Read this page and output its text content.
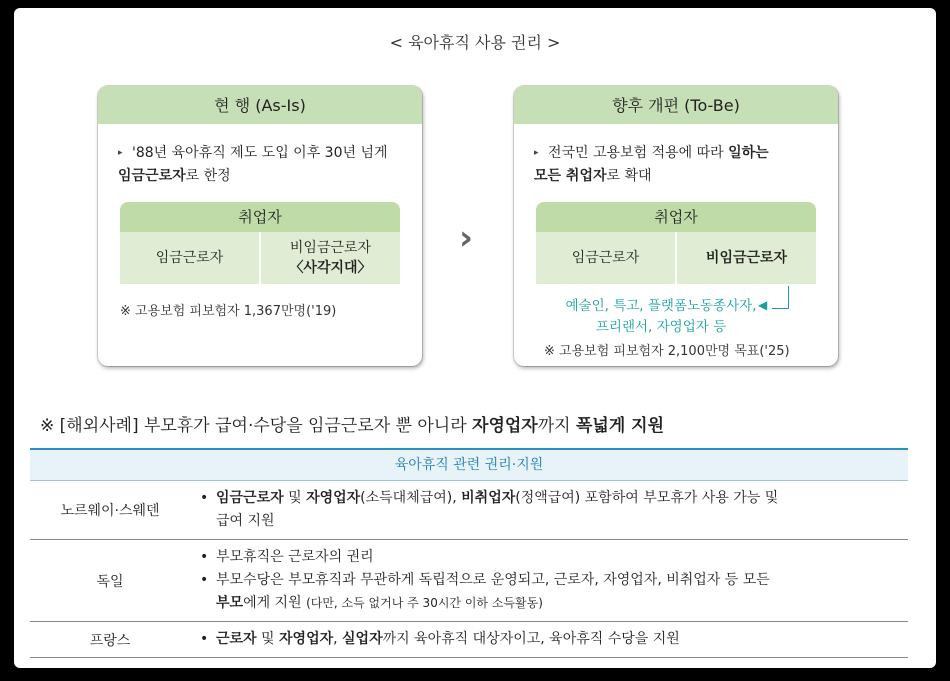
< 육아휴직 사용 권리 >
현 행 (As-Is)
▸ '88년 육아휴직 제도 도입 이후 30년 넘게
임금근로자로 한정
취업자
임금근로자
비임금근로자
〈사각지대〉
※ 고용보험 피보험자 1,367만명('19)
›
향후 개편 (To-Be)
▸ 전국민 고용보험 적용에 따라 일하는
모든 취업자로 확대
취업자
임금근로자	비임금근로자
예술인, 특고, 플랫폼노동종사자,
프리랜서, 자영업자 등
◀
※ 고용보험 피보험자 2,100만명 목표('25)
※ [해외사례] 부모휴가 급여·수당을 임금근로자 뿐 아니라 자영업자까지 폭넓게 지원
육아휴직 관련 권리·지원
노르웨이·스웨덴
• 임금근로자 및 자영업자(소득대체급여), 비취업자(정액급여) 포함하여 부모휴가 사용 가능 및
급여 지원
독일
• 부모휴직은 근로자의 권리
• 부모수당은 부모휴직과 무관하게 독립적으로 운영되고, 근로자, 자영업자, 비취업자 등 모든
부모에게 지원 (다만, 소득 없거나 주 30시간 이하 소득활동)
프랑스	• 근로자 및 자영업자, 실업자까지 육아휴직 대상자이고, 육아휴직 수당을 지원
